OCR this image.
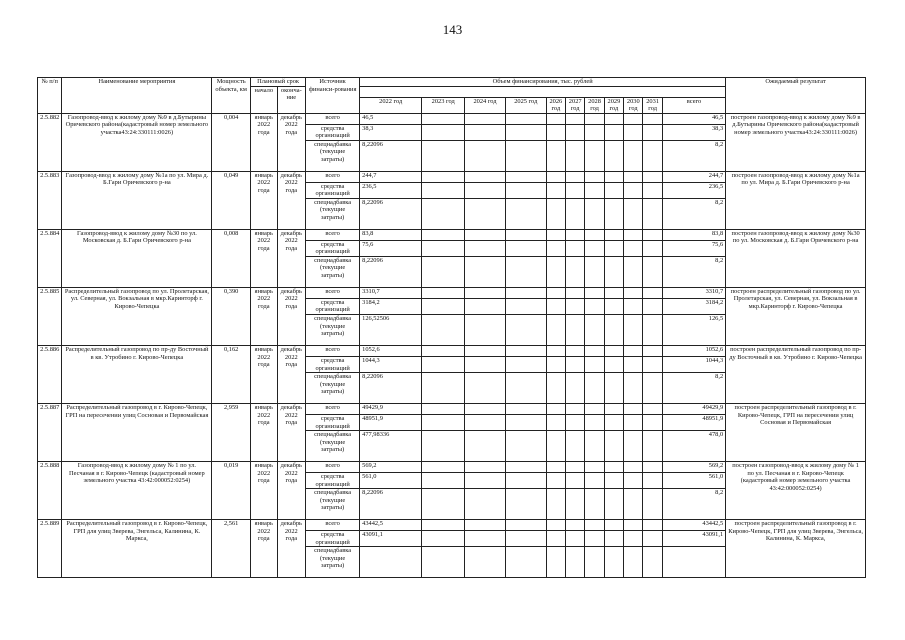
143
№ п/п	Наименование мероприятия	Мощность объекта, км	Плановый срок		Источник финанси-рования	Объем финансирования, тыс. рублей											Ожидаемый результат
			начало	оконча-ние													
						2022 год	2023 год	2024 год	2025 год	2026 год	2027 год	2028 год	2029 год	2030 год	2031 год	всего	
2.5.882	Газопровод-ввод к жилому дому №9 в д.Бутырины Оричевского района(кадастровый номер земельного участка43:24:330111:0026)	0,004	январь 2022 года	декабрь 2022 года	всего	46,5										46,5	построен газопровод-ввод к жилому дому №9 в д.Бутырины Оричевского района(кадастровый номер земельного участка43:24:330111:0026)
					средства организаций	38,3										38,3	
					спецнадбавка (текущие затраты)	8,22096										8,2	
2.5.883	Газопровод-ввод к жилому дому №1а по ул. Мира д. Б.Гари Оричевского р-на	0,049	январь 2022 года	декабрь 2022 года	всего	244,7										244,7	построен газопровод-ввод к жилому дому №1а по ул. Мира д. Б.Гари Оричевского р-на
					средства организаций	236,5										236,5	
					спецнадбавка (текущие затраты)	8,22096										8,2	
2.5.884	Газопровод-ввод к жилому дому №30 по ул. Московская д. Б.Гари Оричевского р-на	0,008	январь 2022 года	декабрь 2022 года	всего	83,8										83,8	построен газопровод-ввод к жилому дому №30 по ул. Московская д. Б.Гари Оричевского р-на
					средства организаций	75,6										75,6	
					спецнадбавка (текущие затраты)	8,22096										8,2	
2.5.885	Распределительный газопровод по ул. Пролетарская, ул. Северная, ул. Вокзальная в мкр.Каринторф г. Кирово-Чепецка	0,390	январь 2022 года	декабрь 2022 года	всего	3310,7										3310,7	построен распределительный газопровод по ул. Пролетарская, ул. Северная, ул. Вокзальная в мкр.Каринторф г. Кирово-Чепецка
					средства организаций	3184,2										3184,2	
					спецнадбавка (текущие затраты)	126,52506										126,5	
2.5.886	Распределительный газопровод по пр-ду Восточный в кв. Утробино г. Кирово-Чепецка	0,162	январь 2022 года	декабрь 2022 года	всего	1052,6										1052,6	построен распределительный газопровод по пр-ду Восточный в кв. Утробино г. Кирово-Чепецка
					средства организаций	1044,3										1044,3	
					спецнадбавка (текущие затраты)	8,22096										8,2	
2.5.887	Распределительный газопровод в г. Кирово-Чепецк, ГРП на пересечении улиц Сосновая и Первомайская	2,959	январь 2022 года	декабрь 2022 года	всего	49429,9										49429,9	построен распределительный газопровод в г. Кирово-Чепецк, ГРП на пересечении улиц Сосновая и Первомайская
					средства организаций	48951,9										48951,9	
					спецнадбавка (текущие затраты)	477,98336										478,0	
2.5.888	Газопровод-ввод к жилому дому № 1 по ул. Песчаная в г. Кирово-Чепецк (кадастровый номер земельного участка 43:42:000052:0254)	0,019	январь 2022 года	декабрь 2022 года	всего	569,2										569,2	построен газопровод-ввод к жилому дому № 1 по ул. Песчаная в г. Кирово-Чепецк (кадастровый номер земельного участка 43:42:000052:0254)
					средства организаций	561,0										561,0	
					спецнадбавка (текущие затраты)	8,22096										8,2	
2.5.889	Распределительный газопровод в г. Кирово-Чепецк, ГРП для улиц Зверева, Энгельса, Калинина, К. Маркса,	2,561	январь 2022 года	декабрь 2022 года	всего	43442,5										43442,5	построен распределительный газопровод в г. Кирово-Чепецк, ГРП для улиц Зверева, Энгельса, Калинина, К. Маркса,
					средства организаций	43091,1										43091,1	
					спецнадбавка (текущие затраты)												
